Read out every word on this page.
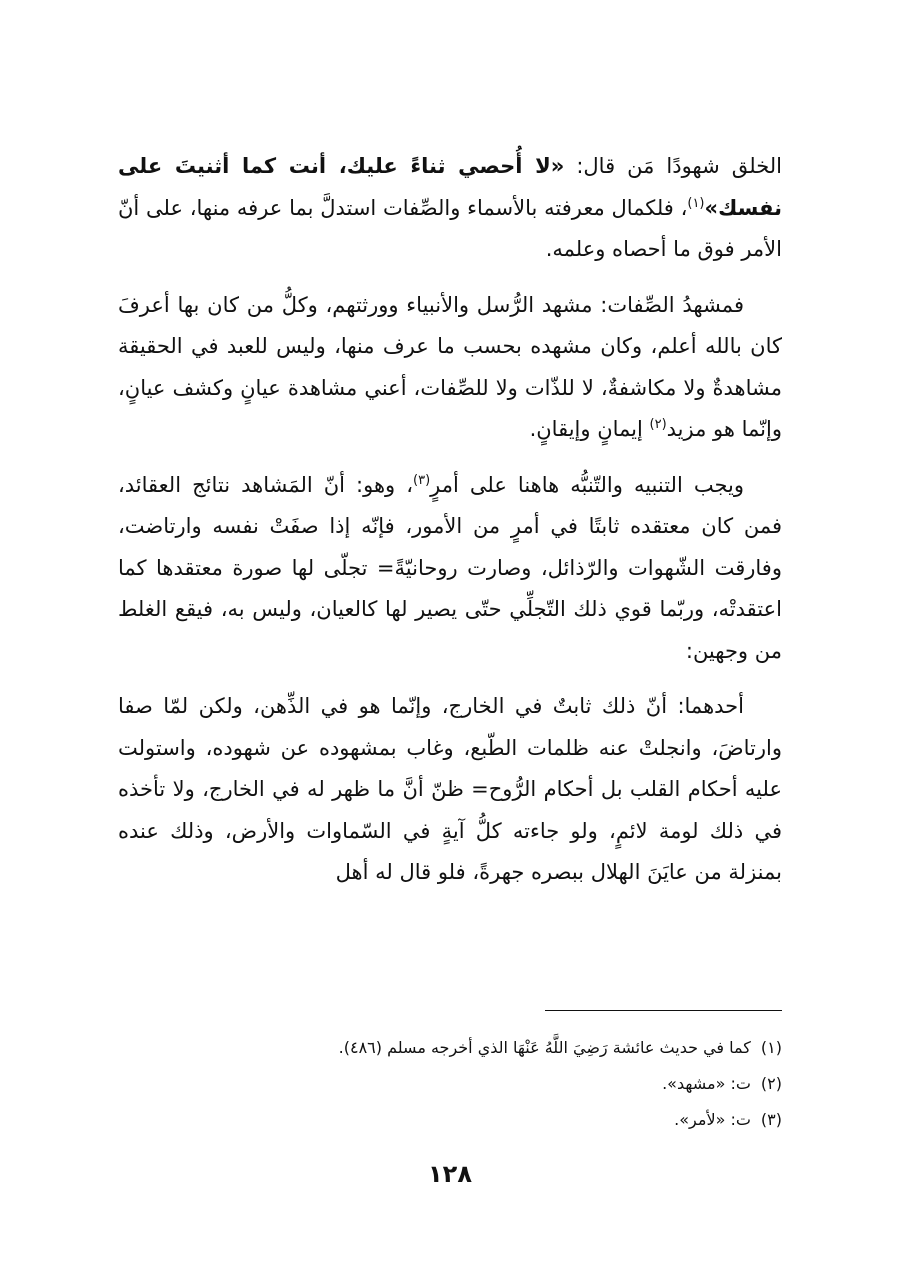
الخلق شهودًا مَن قال: «لا أُحصي ثناءً عليك، أنت كما أثنيتَ على نفسك»$^{(١)}$، فلكمال معرفته بالأسماء والصِّفات استدلَّ بما عرفه منها، على أنّ الأمر فوق ما أحصاه وعلمه.

فمشهدُ الصِّفات: مشهد الرُّسل والأنبياء وورثتهم، وكلُّ من كان بها أعرفَ كان بالله أعلم، وكان مشهده بحسب ما عرف منها، وليس للعبد في الحقيقة مشاهدةٌ ولا مكاشفةٌ، لا للذّات ولا للصِّفات، أعني مشاهدة عيانٍ وكشف عيانٍ، وإنّما هو مزيد$^{(٢)}$ إيمانٍ وإيقانٍ.

ويجب التنبيه والتّنبُّه هاهنا على أمرٍ$^{(٣)}$، وهو: أنّ المَشاهد نتائج العقائد، فمن كان معتقده ثابتًا في أمرٍ من الأمور، فإنّه إذا صفَتْ نفسه وارتاضت، وفارقت الشّهوات والرّذائل، وصارت روحانيّةً= تجلّى لها صورة معتقدها كما اعتقدتْه، وربّما قوي ذلك التّجلِّي حتّى يصير لها كالعيان، وليس به، فيقع الغلط من وجهين:

أحدهما: أنّ ذلك ثابتٌ في الخارج، وإنّما هو في الذِّهن، ولكن لمّا صفا وارتاضَ، وانجلتْ عنه ظلمات الطّبع، وغاب بمشهوده عن شهوده، واستولت عليه أحكام القلب بل أحكام الرُّوح= ظنّ أنَّ ما ظهر له في الخارج، ولا تأخذه في ذلك لومة لائمٍ، ولو جاءته كلُّ آيةٍ في السّماوات والأرض، وذلك عنده بمنزلة من عايَنَ الهلال ببصره جهرةً، فلو قال له أهل

(١)كما في حديث عائشة رَضِيَ اللَّهُ عَنْهَا الذي أخرجه مسلم (٤٨٦).
(٢)ت: «مشهد».
(٣)ت: «لأمر».
١٢٨
